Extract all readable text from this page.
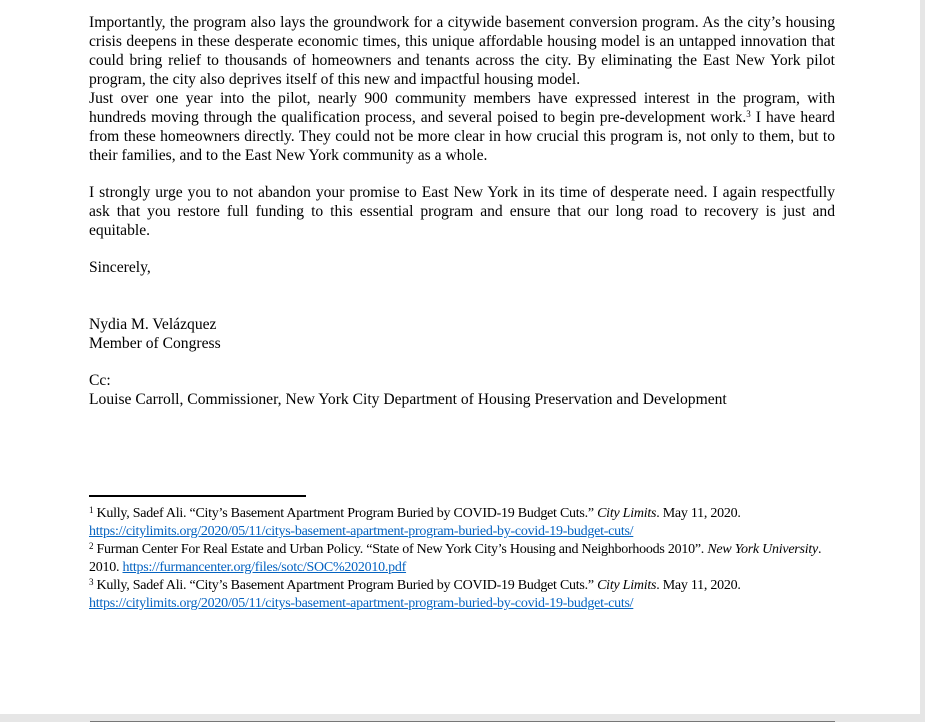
Importantly, the program also lays the groundwork for a citywide basement conversion program. As the city’s housing crisis deepens in these desperate economic times, this unique affordable housing model is an untapped innovation that could bring relief to thousands of homeowners and tenants across the city. By eliminating the East New York pilot program, the city also deprives itself of this new and impactful housing model.

Just over one year into the pilot, nearly 900 community members have expressed interest in the program, with hundreds moving through the qualification process, and several poised to begin pre-development work.$^3$ I have heard from these homeowners directly. They could not be more clear in how crucial this program is, not only to them, but to their families, and to the East New York community as a whole.

I strongly urge you to not abandon your promise to East New York in its time of desperate need. I again respectfully ask that you restore full funding to this essential program and ensure that our long road to recovery is just and equitable.

Sincerely,

Nydia M. Velázquez

Member of Congress

Cc:

Louise Carroll, Commissioner, New York City Department of Housing Preservation and Development

$^1$ Kully, Sadef Ali. “City’s Basement Apartment Program Buried by COVID-19 Budget Cuts.” City Limits. May 11, 2020.
https://citylimits.org/2020/05/11/citys-basement-apartment-program-buried-by-covid-19-budget-cuts/

$^2$ Furman Center For Real Estate and Urban Policy. “State of New York City’s Housing and Neighborhoods 2010”. New York University. 2010. https://furmancenter.org/files/sotc/SOC%202010.pdf

$^3$ Kully, Sadef Ali. “City’s Basement Apartment Program Buried by COVID-19 Budget Cuts.” City Limits. May 11, 2020.
https://citylimits.org/2020/05/11/citys-basement-apartment-program-buried-by-covid-19-budget-cuts/
